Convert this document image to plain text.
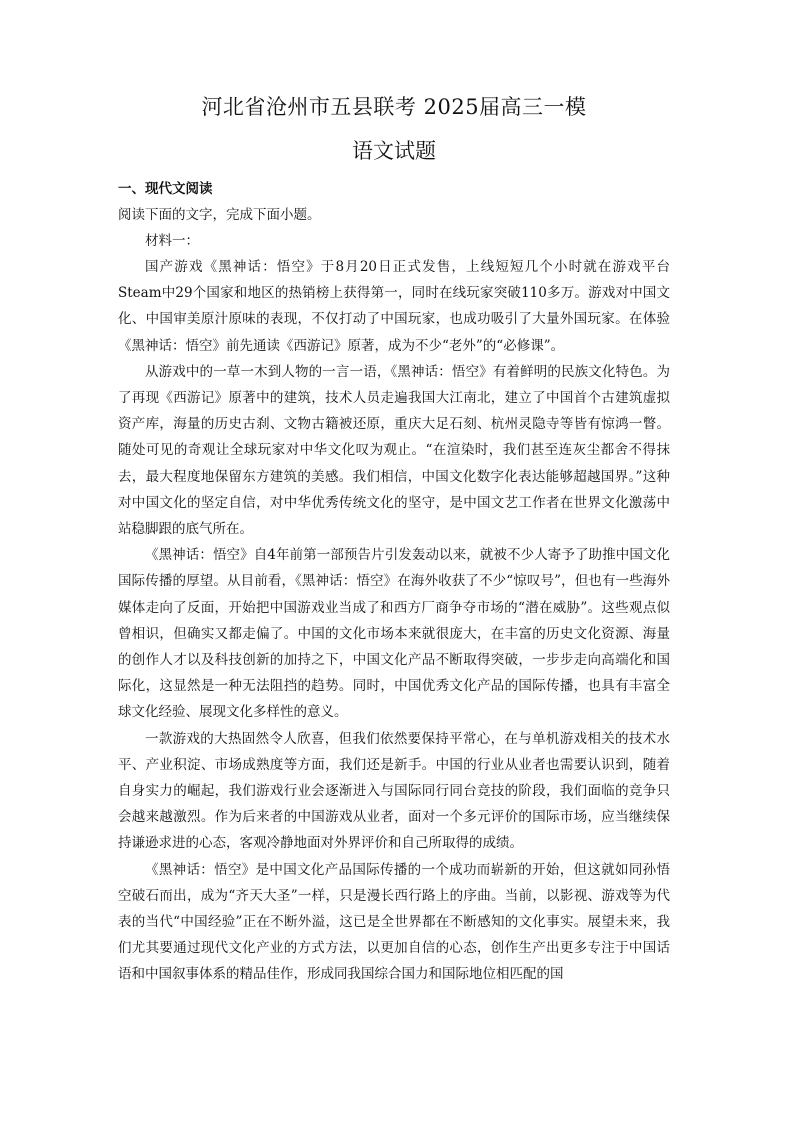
河北省沧州市五县联考 2025届高三一模
语文试题

一、现代文阅读

阅读下面的文字，完成下面小题。

材料一：

国产游戏《黑神话：悟空》于8月20日正式发售，上线短短几个小时就在游戏平台Steam中29个国家和地区的热销榜上获得第一，同时在线玩家突破110多万。游戏对中国文化、中国审美原汁原味的表现，不仅打动了中国玩家，也成功吸引了大量外国玩家。在体验《黑神话：悟空》前先通读《西游记》原著，成为不少“老外”的“必修课”。

从游戏中的一草一木到人物的一言一语，《黑神话：悟空》有着鲜明的民族文化特色。为了再现《西游记》原著中的建筑，技术人员走遍我国大江南北，建立了中国首个古建筑虚拟资产库，海量的历史古刹、文物古籍被还原，重庆大足石刻、杭州灵隐寺等皆有惊鸿一瞥。随处可见的奇观让全球玩家对中华文化叹为观止。“在渲染时，我们甚至连灰尘都舍不得抹去，最大程度地保留东方建筑的美感。我们相信，中国文化数字化表达能够超越国界。”这种对中国文化的坚定自信，对中华优秀传统文化的坚守，是中国文艺工作者在世界文化激荡中站稳脚跟的底气所在。

《黑神话：悟空》自4年前第一部预告片引发轰动以来，就被不少人寄予了助推中国文化国际传播的厚望。从目前看，《黑神话：悟空》在海外收获了不少“惊叹号”，但也有一些海外媒体走向了反面，开始把中国游戏业当成了和西方厂商争夺市场的“潜在威胁”。这些观点似曾相识，但确实又都走偏了。中国的文化市场本来就很庞大，在丰富的历史文化资源、海量的创作人才以及科技创新的加持之下，中国文化产品不断取得突破，一步步走向高端化和国际化，这显然是一种无法阻挡的趋势。同时，中国优秀文化产品的国际传播，也具有丰富全球文化经验、展现文化多样性的意义。

一款游戏的大热固然令人欣喜，但我们依然要保持平常心，在与单机游戏相关的技术水平、产业积淀、市场成熟度等方面，我们还是新手。中国的行业从业者也需要认识到，随着自身实力的崛起，我们游戏行业会逐渐进入与国际同行同台竞技的阶段，我们面临的竞争只会越来越激烈。作为后来者的中国游戏从业者，面对一个多元评价的国际市场，应当继续保持谦逊求进的心态，客观冷静地面对外界评价和自己所取得的成绩。

《黑神话：悟空》是中国文化产品国际传播的一个成功而崭新的开始，但这就如同孙悟空破石而出，成为“齐天大圣”一样，只是漫长西行路上的序曲。当前，以影视、游戏等为代表的当代“中国经验”正在不断外溢，这已是全世界都在不断感知的文化事实。展望未来，我们尤其要通过现代文化产业的方式方法，以更加自信的心态，创作生产出更多专注于中国话语和中国叙事体系的精品佳作，形成同我国综合国力和国际地位相匹配的国
